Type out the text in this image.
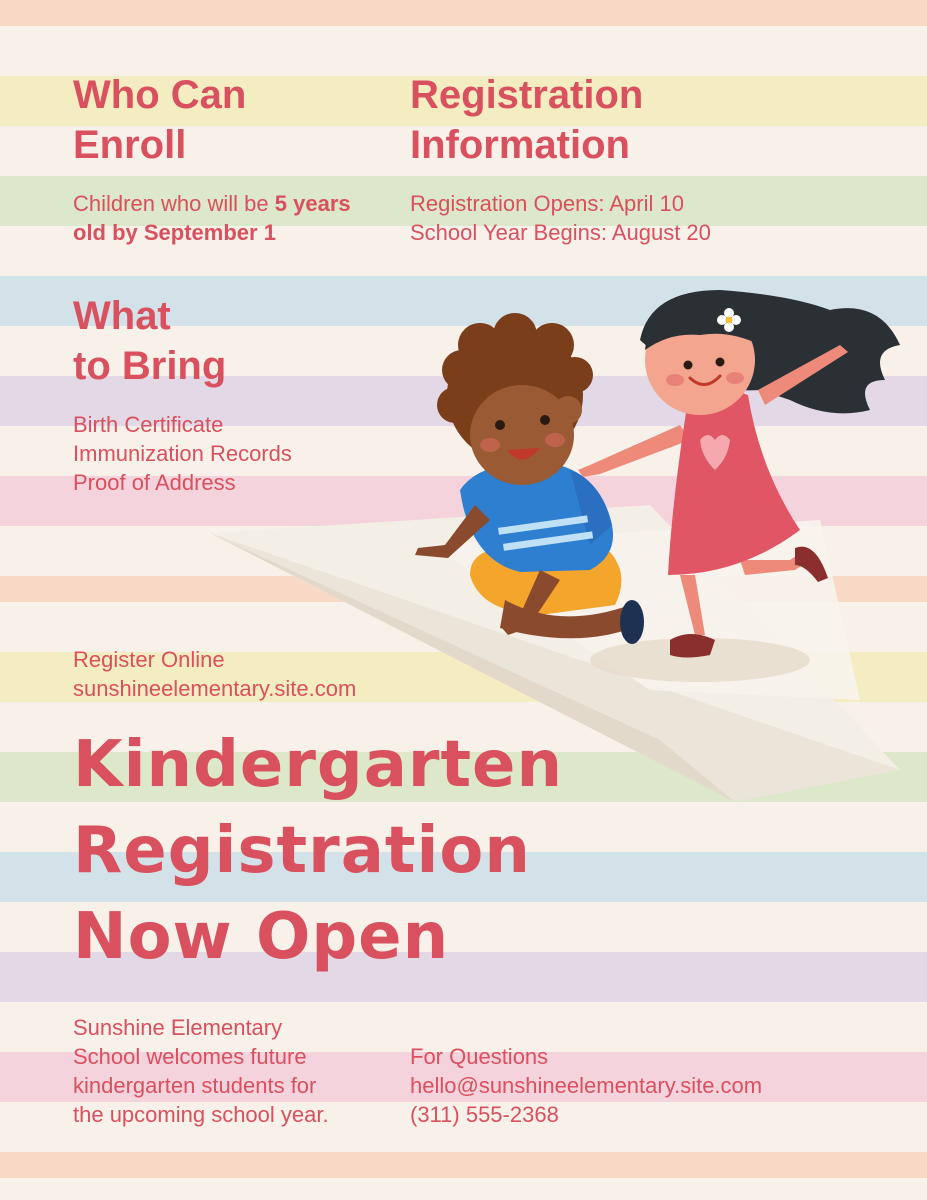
Who Can
Enroll
Children who will be 5 years old by September 1
Registration
Information
Registration Opens: April 10
School Year Begins: August 20
What
to Bring
Birth Certificate
Immunization Records
Proof of Address
Register Online
sunshineelementary.site.com
Kindergarten
Registration
Now Open
Sunshine Elementary
School welcomes future
kindergarten students for
the upcoming school year.
For Questions
hello@sunshineelementary.site.com
(311) 555-2368
